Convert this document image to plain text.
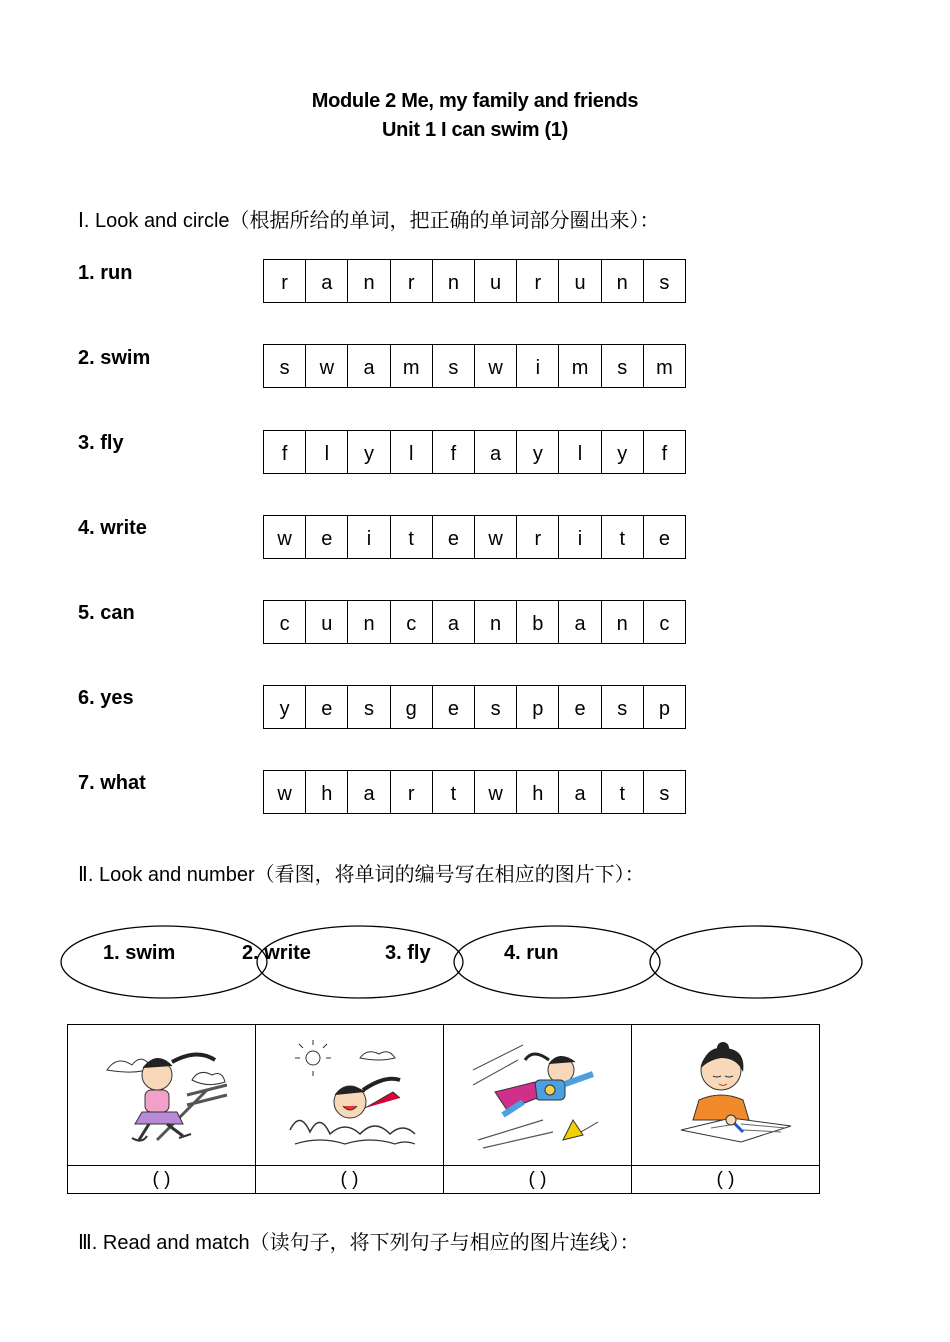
Module 2 Me, my family and friends
Unit 1 I can swim (1)
Ⅰ. Look and circle（根据所给的单词，把正确的单词部分圈出来）：
1. run	r	a	n	r	n	u	r	u	n	s
2. swim	s	w	a	m	s	w	i	m	s	m
3. fly	f	l	y	l	f	a	y	l	y	f
4. write	w	e	i	t	e	w	r	i	t	e
5. can	c	u	n	c	a	n	b	a	n	c
6. yes	y	e	s	g	e	s	p	e	s	p
7. what	w	h	a	r	t	w	h	a	t	s
Ⅱ. Look and number（看图，将单词的编号写在相应的图片下）：
1. swim	2. write	3. fly	4. run

( )	( )	( )	( )
Ⅲ. Read and match（读句子，将下列句子与相应的图片连线）：
